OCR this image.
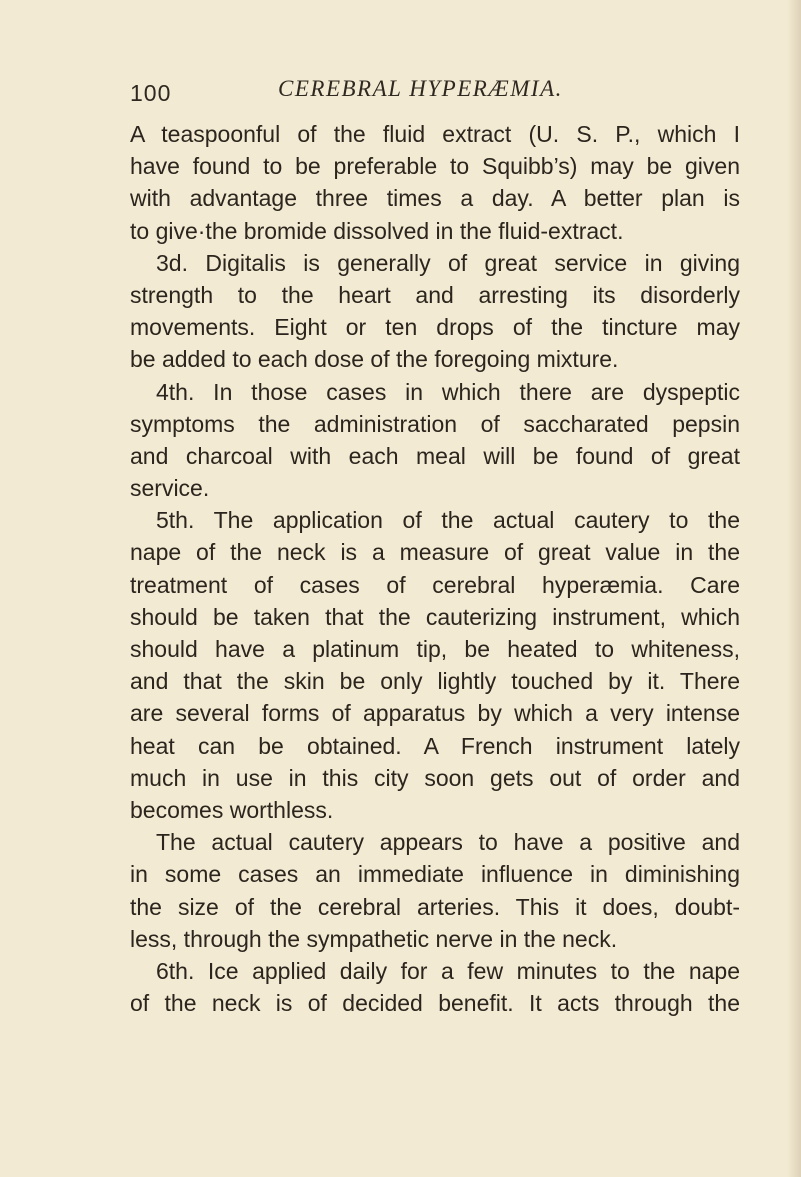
100	CEREBRAL HYPERÆMIA.
A teaspoonful of the fluid extract (U. S. P., which I
have found to be preferable to Squibb’s) may be given
with advantage three times a day. A better plan is
to give·the bromide dissolved in the fluid-extract.
3d. Digitalis is generally of great service in giving
strength to the heart and arresting its disorderly
movements. Eight or ten drops of the tincture may
be added to each dose of the foregoing mixture.
4th. In those cases in which there are dyspeptic
symptoms the administration of saccharated pepsin
and charcoal with each meal will be found of great
service.
5th. The application of the actual cautery to the
nape of the neck is a measure of great value in the
treatment of cases of cerebral hyperæmia. Care
should be taken that the cauterizing instrument, which
should have a platinum tip, be heated to whiteness,
and that the skin be only lightly touched by it. There
are several forms of apparatus by which a very intense
heat can be obtained. A French instrument lately
much in use in this city soon gets out of order and
becomes worthless.
The actual cautery appears to have a positive and
in some cases an immediate influence in diminishing
the size of the cerebral arteries. This it does, doubt-
less, through the sympathetic nerve in the neck.
6th. Ice applied daily for a few minutes to the nape
of the neck is of decided benefit. It acts through the
